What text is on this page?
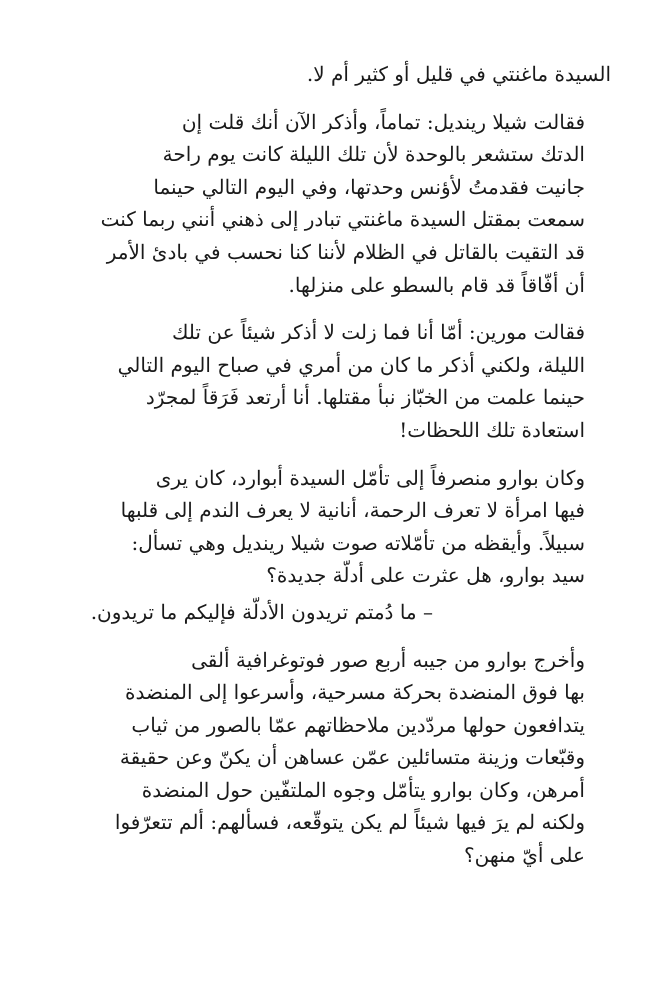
السيدة ماغنتي في قليل أو كثير أم لا.

فقالت شيلا رينديل: تماماً، وأذكر الآن أنك قلت إن
الدتك ستشعر بالوحدة لأن تلك الليلة كانت يوم راحة
جانيت فقدمتُ لأؤنس وحدتها، وفي اليوم التالي حينما
سمعت بمقتل السيدة ماغنتي تبادر إلى ذهني أنني ربما كنت
قد التقيت بالقاتل في الظلام لأننا كنا نحسب في بادئ الأمر
أن أفّاقاً قد قام بالسطو على منزلها.

فقالت مورين: أمّا أنا فما زلت لا أذكر شيئاً عن تلك
الليلة، ولكني أذكر ما كان من أمري في صباح اليوم التالي
حينما علمت من الخبّاز نبأ مقتلها. أنا أرتعد فَرَقاً لمجرّد
استعادة تلك اللحظات!

وكان بوارو منصرفاً إلى تأمّل السيدة أبوارد، كان يرى
فيها امرأة لا تعرف الرحمة، أنانية لا يعرف الندم إلى قلبها
سبيلاً. وأيقظه من تأمّلاته صوت شيلا رينديل وهي تسأل:
سيد بوارو، هل عثرت على أدلّة جديدة؟

– ما دُمتم تريدون الأدلّة فإليكم ما تريدون.

وأخرج بوارو من جيبه أربع صور فوتوغرافية ألقى
بها فوق المنضدة بحركة مسرحية، وأسرعوا إلى المنضدة
يتدافعون حولها مردّدين ملاحظاتهم عمّا بالصور من ثياب
وقبّعات وزينة متسائلين عمّن عساهن أن يكنّ وعن حقيقة
أمرهن، وكان بوارو يتأمّل وجوه الملتفّين حول المنضدة
ولكنه لم يرَ فيها شيئاً لم يكن يتوقّعه، فسألهم: ألم تتعرّفوا
على أيّ منهن؟
